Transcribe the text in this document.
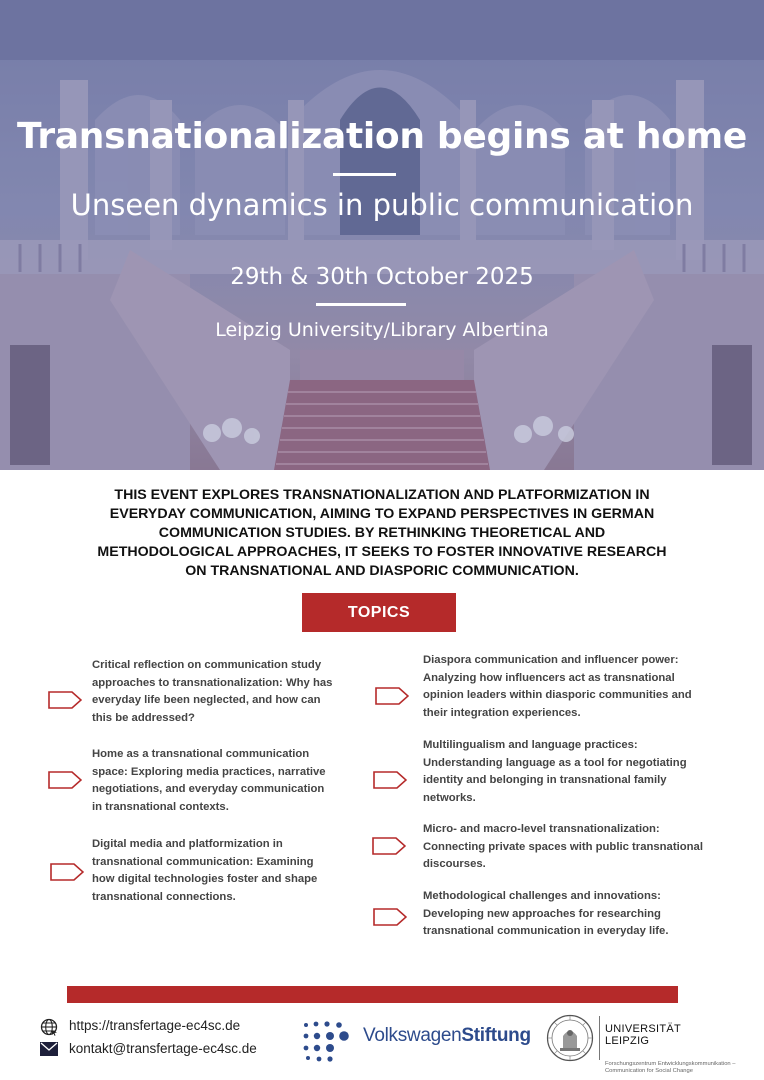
Transnationalization begins at home
Unseen dynamics in public communication
29th & 30th October 2025
Leipzig University/Library Albertina
THIS EVENT EXPLORES TRANSNATIONALIZATION AND PLATFORMIZATION IN
EVERYDAY COMMUNICATION, AIMING TO EXPAND PERSPECTIVES IN GERMAN
COMMUNICATION STUDIES. BY RETHINKING THEORETICAL AND
METHODOLOGICAL APPROACHES, IT SEEKS TO FOSTER INNOVATIVE RESEARCH
ON TRANSNATIONAL AND DIASPORIC COMMUNICATION.
TOPICS
Critical reflection on communication study
approaches to transnationalization: Why has
everyday life been neglected, and how can
this be addressed?
Home as a transnational communication
space: Exploring media practices, narrative
negotiations, and everyday communication
in transnational contexts.
Digital media and platformization in
transnational communication: Examining
how digital technologies foster and shape
transnational connections.
Diaspora communication and influencer power:
Analyzing how influencers act as transnational
opinion leaders within diasporic communities and
their integration experiences.
Multilingualism and language practices:
Understanding language as a tool for negotiating
identity and belonging in transnational family
networks.
Micro- and macro-level transnationalization:
Connecting private spaces with public transnational
discourses.
Methodological challenges and innovations:
Developing new approaches for researching
transnational communication in everyday life.
https://transfertage-ec4sc.de
kontakt@transfertage-ec4sc.de
VolkswagenStiftung	UNIVERSITÄT
LEIPZIG
Forschungszentrum Entwicklungskommunikation –
Communication for Social Change
